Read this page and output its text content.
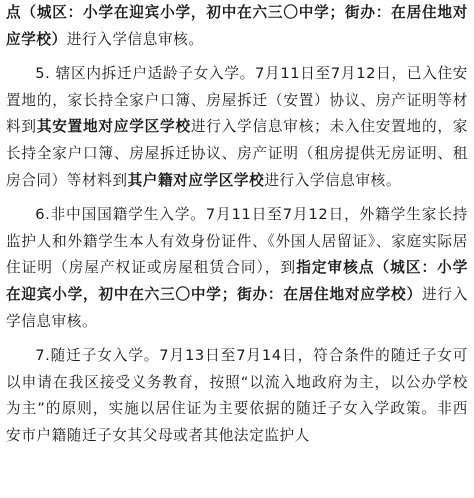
点（城区：小学在迎宾小学，初中在六三〇中学；街办：在居住地对应学校）进行入学信息审核。

5. 辖区内拆迁户适龄子女入学。7月11日至7月12日，已入住安置地的，家长持全家户口簿、房屋拆迁（安置）协议、房产证明等材料到其安置地对应学区学校进行入学信息审核；未入住安置地的，家长持全家户口簿、房屋拆迁协议、房产证明（租房提供无房证明、租房合同）等材料到其户籍对应学区学校进行入学信息审核。

6.非中国国籍学生入学。7月11日至7月12日，外籍学生家长持监护人和外籍学生本人有效身份证件、《外国人居留证》、家庭实际居住证明（房屋产权证或房屋租赁合同），到指定审核点（城区：小学在迎宾小学，初中在六三〇中学；街办：在居住地对应学校）进行入学信息审核。

7.随迁子女入学。7月13日至7月14日，符合条件的随迁子女可以申请在我区接受义务教育，按照“以流入地政府为主，以公办学校为主”的原则，实施以居住证为主要依据的随迁子女入学政策。非西安市户籍随迁子女其父母或者其他法定监护人
